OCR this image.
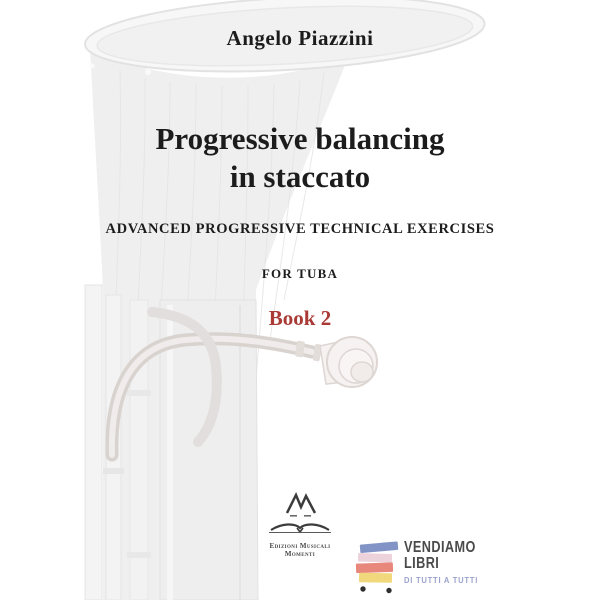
Angelo Piazzini
Progressive balancing
in staccato
ADVANCED PROGRESSIVE TECHNICAL EXERCISES
FOR TUBA
Book 2
Edizioni Musicali
Momenti	VENDIAMO
LIBRI
DI TUTTI A TUTTI
